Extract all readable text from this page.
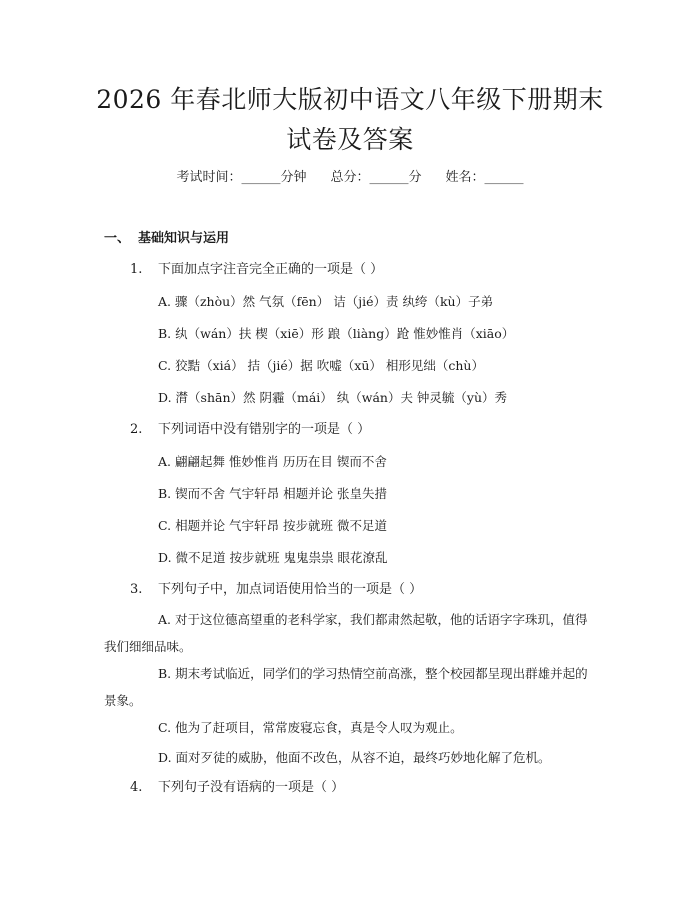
2026 年春北师大版初中语文八年级下册期末
试卷及答案
考试时间：______分钟 总分：______分 姓名：______
一、 基础知识与运用
1. 下面加点字注音完全正确的一项是（ ）
A. 骤（zhòu）然 气氛（fēn） 诘（jié）责 纨绔（kù）子弟
B. 纨（wán）扶 楔（xiē）形 踉（liàng）跄 惟妙惟肖（xiāo）
C. 狡黠（xiá） 拮（jié）据 吹嘘（xū） 相形见绌（chù）
D. 潸（shān）然 阴霾（mái） 纨（wán）夫 钟灵毓（yù）秀
2. 下列词语中没有错别字的一项是（ ）
A. 翩翩起舞 惟妙惟肖 历历在目 锲而不舍
B. 锲而不舍 气宇轩昂 相题并论 张皇失措
C. 相题并论 气宇轩昂 按步就班 微不足道
D. 微不足道 按步就班 鬼鬼祟祟 眼花潦乱
3. 下列句子中，加点词语使用恰当的一项是（ ）
A. 对于这位德高望重的老科学家，我们都肃然起敬，他的话语字字珠玑，值得我们细细品味。
B. 期末考试临近，同学们的学习热情空前高涨，整个校园都呈现出群雄并起的景象。
C. 他为了赶项目，常常废寝忘食，真是令人叹为观止。
D. 面对歹徒的威胁，他面不改色，从容不迫，最终巧妙地化解了危机。
4. 下列句子没有语病的一项是（ ）
